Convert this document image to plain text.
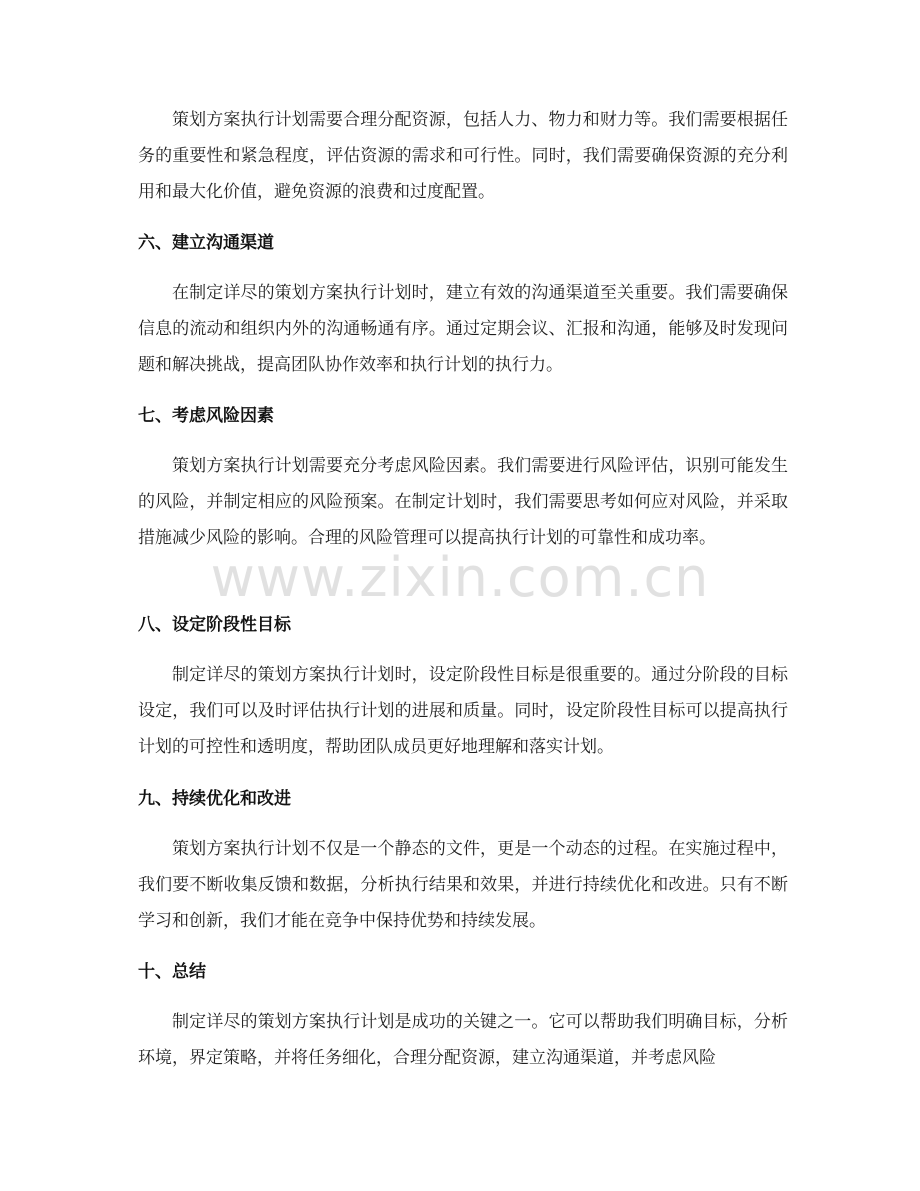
策划方案执行计划需要合理分配资源，包括人力、物力和财力等。我们需要根据任务的重要性和紧急程度，评估资源的需求和可行性。同时，我们需要确保资源的充分利用和最大化价值，避免资源的浪费和过度配置。

六、建立沟通渠道

在制定详尽的策划方案执行计划时，建立有效的沟通渠道至关重要。我们需要确保信息的流动和组织内外的沟通畅通有序。通过定期会议、汇报和沟通，能够及时发现问题和解决挑战，提高团队协作效率和执行计划的执行力。

七、考虑风险因素

策划方案执行计划需要充分考虑风险因素。我们需要进行风险评估，识别可能发生的风险，并制定相应的风险预案。在制定计划时，我们需要思考如何应对风险，并采取措施减少风险的影响。合理的风险管理可以提高执行计划的可靠性和成功率。

八、设定阶段性目标

制定详尽的策划方案执行计划时，设定阶段性目标是很重要的。通过分阶段的目标设定，我们可以及时评估执行计划的进展和质量。同时，设定阶段性目标可以提高执行计划的可控性和透明度，帮助团队成员更好地理解和落实计划。

九、持续优化和改进

策划方案执行计划不仅是一个静态的文件，更是一个动态的过程。在实施过程中，我们要不断收集反馈和数据，分析执行结果和效果，并进行持续优化和改进。只有不断学习和创新，我们才能在竞争中保持优势和持续发展。

十、总结

制定详尽的策划方案执行计划是成功的关键之一。它可以帮助我们明确目标，分析环境，界定策略，并将任务细化，合理分配资源，建立沟通渠道，并考虑风险

www.zixin.com.cn
